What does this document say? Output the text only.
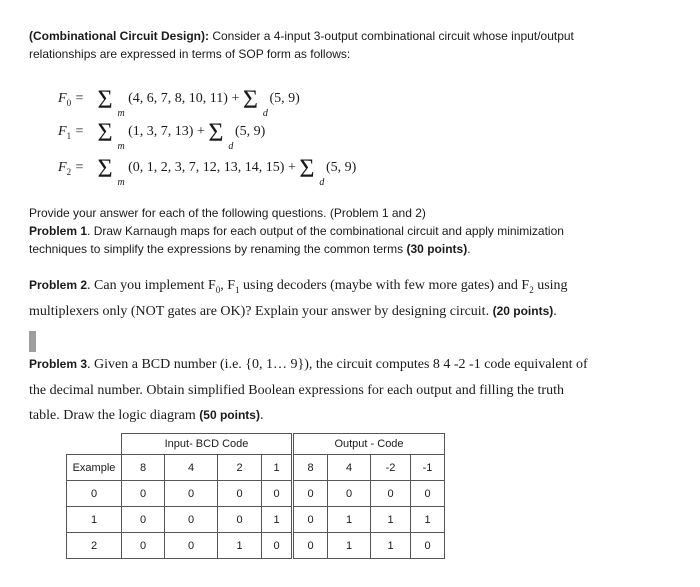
(Combinational Circuit Design): Consider a 4-input 3-output combinational circuit whose input/output
relationships are expressed in terms of SOP form as follows:
$F_0 = \Sigma$ m
(4, 6, 7, 8, 10, 11) + Σ d
(5, 9)
$F_1 = \Sigma$ m
(1, 3, 7, 13) + Σ d
(5, 9)
$F_2 = \Sigma$ m
(0, 1, 2, 3, 7, 12, 13, 14, 15) + Σ d
(5, 9)
Provide your answer for each of the following questions. (Problem 1 and 2)
Problem 1. Draw Karnaugh maps for each output of the combinational circuit and apply minimization
techniques to simplify the expressions by renaming the common terms (30 points).
Problem 2. Can you implement $F_0$, $F_1$ using decoders (maybe with few more gates) and $F_2$ using
multiplexers only (NOT gates are OK)? Explain your answer by designing circuit. (20 points).
Problem 3. Given a BCD number (i.e. {0, 1… 9}), the circuit computes 8 4 -2 -1 code equivalent of
the decimal number. Obtain simplified Boolean expressions for each output and filling the truth
table. Draw the logic diagram (50 points).
	Input- BCD Code				Output - Code			
Example	8	4	2	1	8	4	-2	-1
0	0	0	0	0	0	0	0	0
1	0	0	0	1	0	1	1	1
2	0	0	1	0	0	1	1	0
